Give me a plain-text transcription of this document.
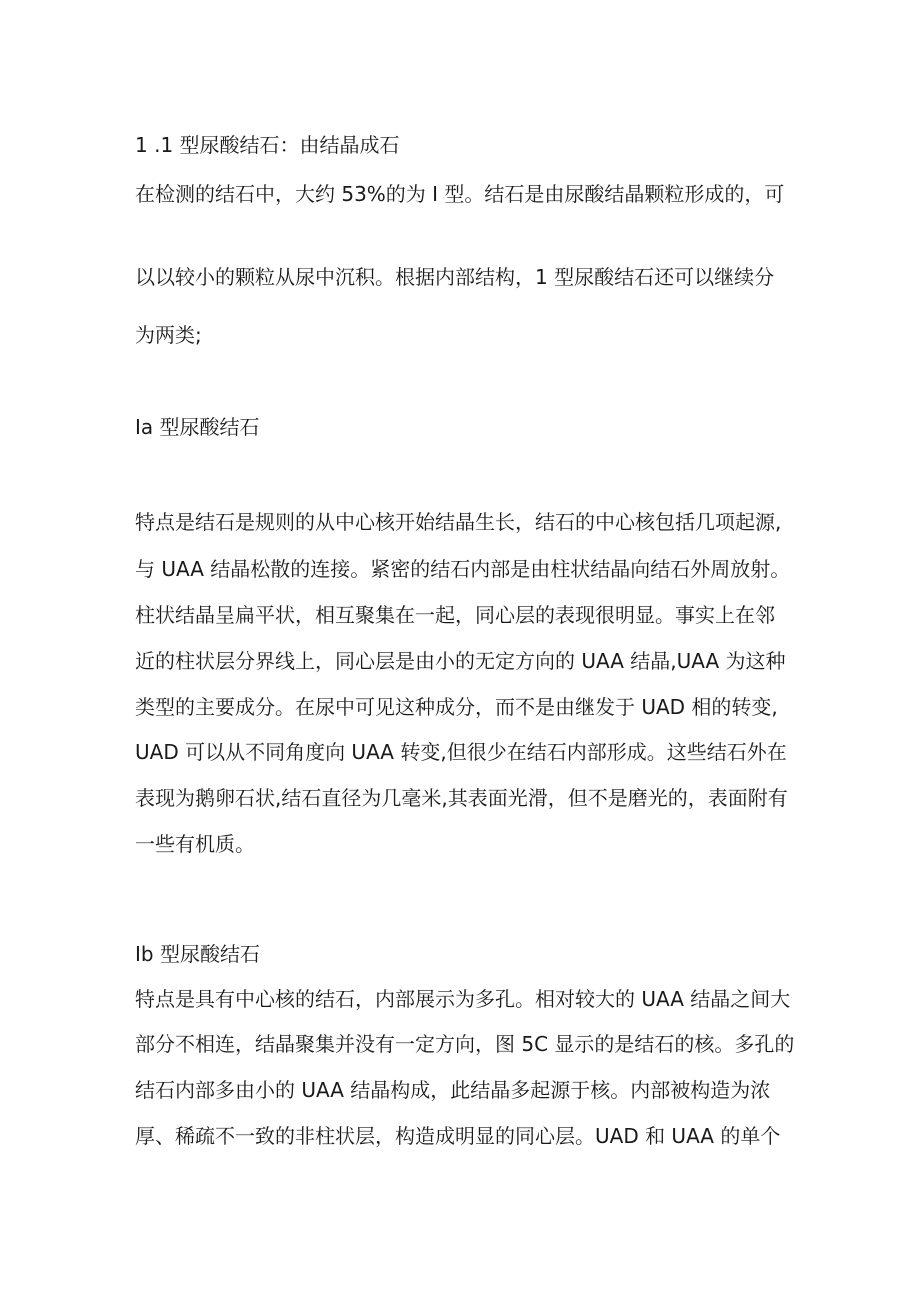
1 .1 型尿酸结石：由结晶成石
在检测的结石中，大约 53%的为 I 型。结石是由尿酸结晶颗粒形成的，可
以以较小的颗粒从尿中沉积。根据内部结构，1 型尿酸结石还可以继续分
为两类;
Ia 型尿酸结石
特点是结石是规则的从中心核开始结晶生长，结石的中心核包括几项起源,
与 UAA 结晶松散的连接。紧密的结石内部是由柱状结晶向结石外周放射。
柱状结晶呈扁平状，相互聚集在一起，同心层的表现很明显。事实上在邻
近的柱状层分界线上，同心层是由小的无定方向的 UAA 结晶,UAA 为这种
类型的主要成分。在尿中可见这种成分，而不是由继发于 UAD 相的转变,
UAD 可以从不同角度向 UAA 转变,但很少在结石内部形成。这些结石外在
表现为鹅卵石状,结石直径为几毫米,其表面光滑，但不是磨光的，表面附有
一些有机质。
Ib 型尿酸结石
特点是具有中心核的结石，内部展示为多孔。相对较大的 UAA 结晶之间大
部分不相连，结晶聚集并没有一定方向，图 5C 显示的是结石的核。多孔的
结石内部多由小的 UAA 结晶构成，此结晶多起源于核。内部被构造为浓
厚、稀疏不一致的非柱状层，构造成明显的同心层。UAD 和 UAA 的单个
